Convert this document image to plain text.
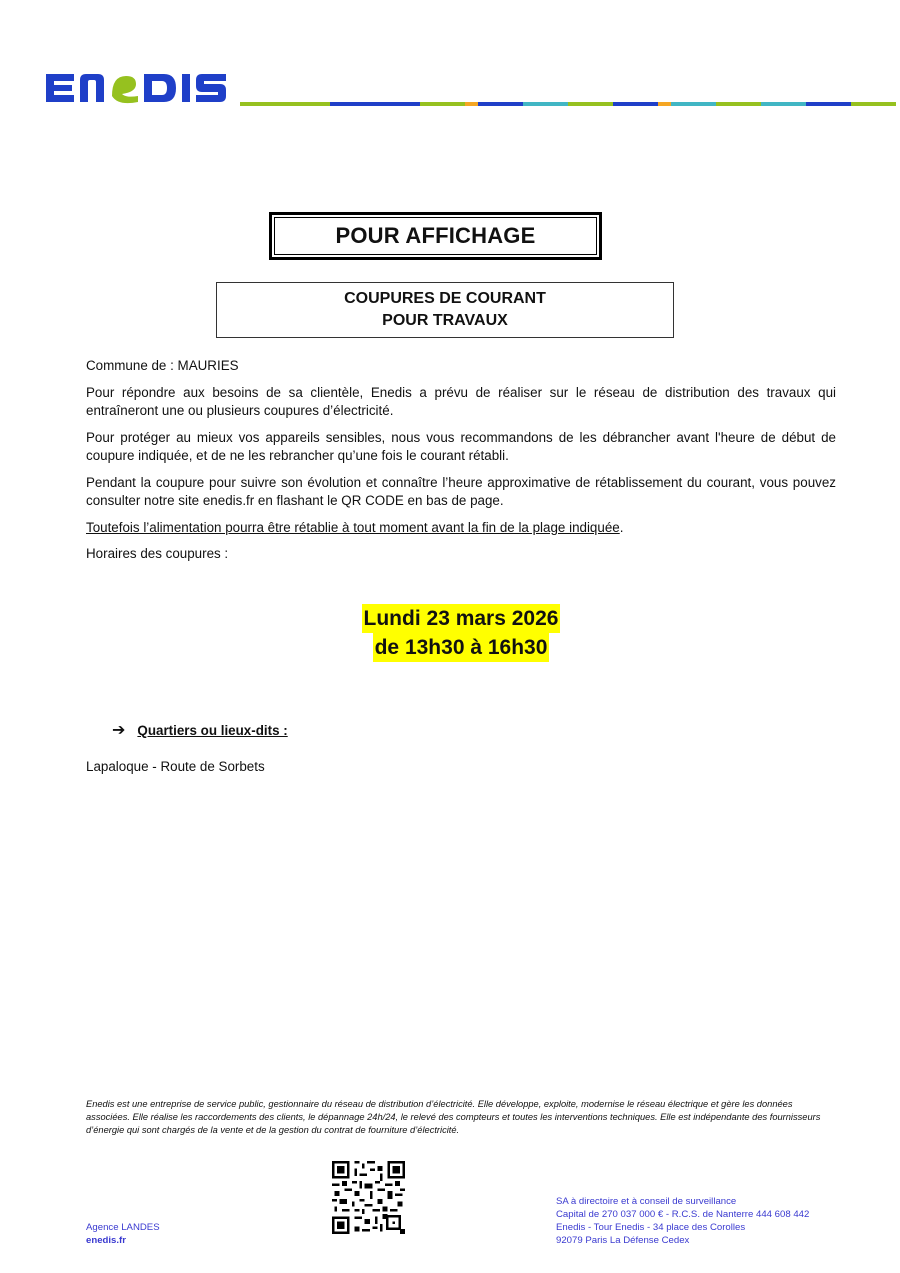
POUR AFFICHAGE
COUPURES DE COURANT
POUR TRAVAUX

Commune de : MAURIES

Pour répondre aux besoins de sa clientèle, Enedis a prévu de réaliser sur le réseau de distribution des travaux qui entraîneront une ou plusieurs coupures d’électricité.

Pour protéger au mieux vos appareils sensibles, nous vous recommandons de les débrancher avant l'heure de début de coupure indiquée, et de ne les rebrancher qu’une fois le courant rétabli.

Pendant la coupure pour suivre son évolution et connaître l’heure approximative de rétablissement du courant, vous pouvez consulter notre site enedis.fr en flashant le QR CODE en bas de page.

Toutefois l’alimentation pourra être rétablie à tout moment avant la fin de la plage indiquée.

Horaires des coupures :

Lundi 23 mars 2026
de 13h30 à 16h30
➔ Quartiers ou lieux-dits :
Lapaloque - Route de Sorbets
Enedis est une entreprise de service public, gestionnaire du réseau de distribution d’électricité. Elle développe, exploite, modernise le réseau électrique et gère les données associées. Elle réalise les raccordements des clients, le dépannage 24h/24, le relevé des compteurs et toutes les interventions techniques. Elle est indépendante des fournisseurs d’énergie qui sont chargés de la vente et de la gestion du contrat de fourniture d’électricité.
Agence LANDES
enedis.fr
SA à directoire et à conseil de surveillance
Capital de 270 037 000 € - R.C.S. de Nanterre 444 608 442
Enedis - Tour Enedis - 34 place des Corolles
92079 Paris La Défense Cedex
